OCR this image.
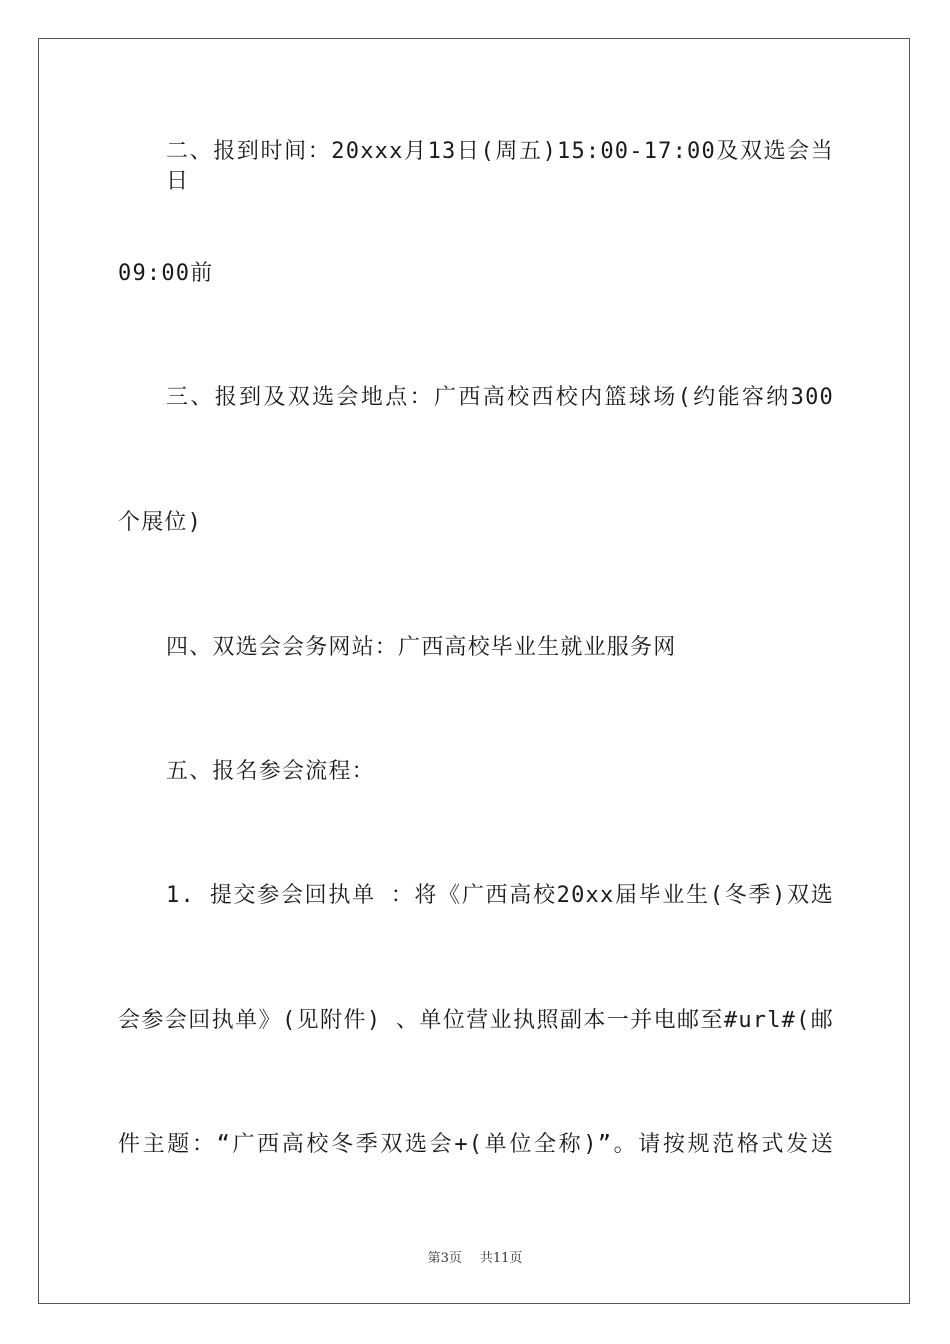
二、报到时间：20xxx月13日(周五)15:00-17:00及双选会当日

09:00前

三、报到及双选会地点：广西高校西校内篮球场(约能容纳300

个展位)

四、双选会会务网站：广西高校毕业生就业服务网

五、报名参会流程：

1. 提交参会回执单 ：将《广西高校20xx届毕业生(冬季)双选

会参会回执单》(见附件) 、单位营业执照副本一并电邮至#url#(邮

件主题：“广西高校冬季双选会+(单位全称)”。请按规范格式发送

第3页 共11页
